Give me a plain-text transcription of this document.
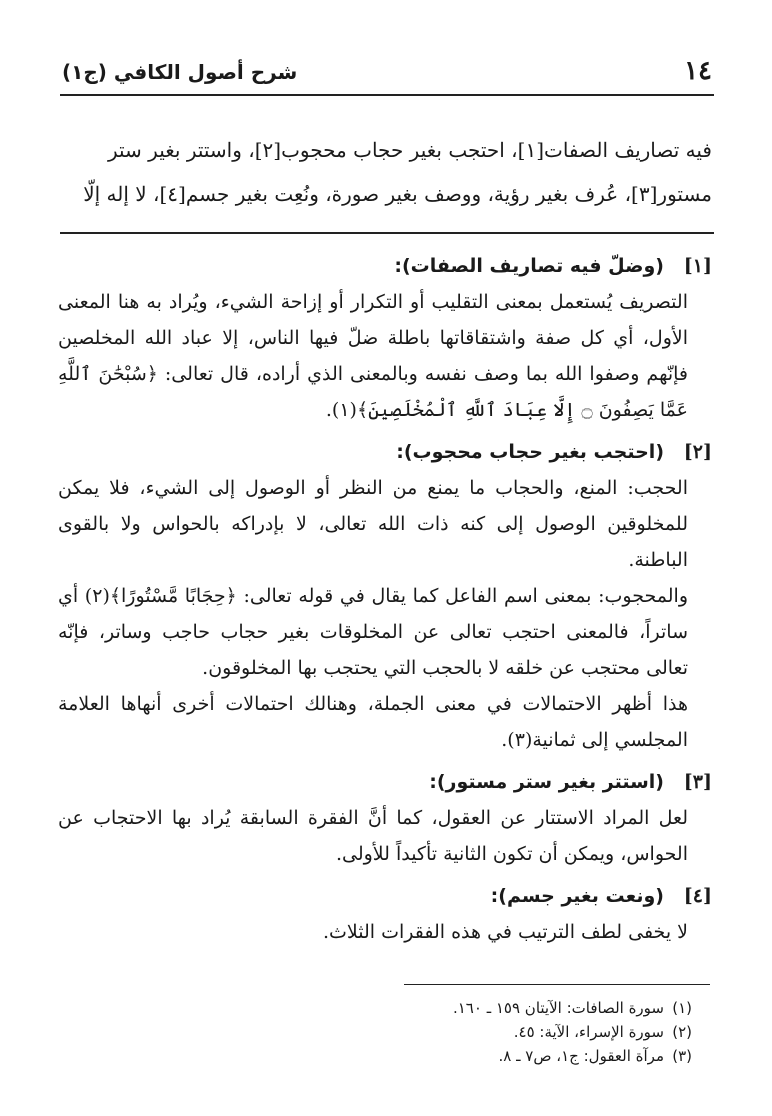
١٤
شرح أصول الكافي (ج١)

فيه تصاريف الصفات[١]، احتجب بغير حجاب محجوب[٢]، واستتر بغير ستر

مستور[٣]، عُرف بغير رؤية، ووصف بغير صورة، ونُعِت بغير جسم[٤]، لا إله إلّا

[١]
(وضلّ فيه تصاريف الصفات):

التصريف يُستعمل بمعنى التقليب أو التكرار أو إزاحة الشيء، ويُراد به هنا المعنى الأول، أي كل صفة واشتقاقاتها باطلة ضلّ فيها الناس، إلا عباد الله المخلصين فإنّهم وصفوا الله بما وصف نفسه وبالمعنى الذي أراده، قال تعالى: ﴿سُبْحَٰنَ ٱللَّهِ عَمَّا يَصِفُونَ ۝ إِلَّا عِبَادَ ٱللَّهِ ٱلْمُخْلَصِينَ﴾(١).

[٢]
(احتجب بغير حجاب محجوب):

الحجب: المنع، والحجاب ما يمنع من النظر أو الوصول إلى الشيء، فلا يمكن للمخلوقين الوصول إلى كنه ذات الله تعالى، لا بإدراكه بالحواس ولا بالقوى الباطنة.

والمحجوب: بمعنى اسم الفاعل كما يقال في قوله تعالى: ﴿حِجَابًا مَّسْتُورًا﴾(٢) أي ساتراً، فالمعنى احتجب تعالى عن المخلوقات بغير حجاب حاجب وساتر، فإنّه تعالى محتجب عن خلقه لا بالحجب التي يحتجب بها المخلوقون.

هذا أظهر الاحتمالات في معنى الجملة، وهنالك احتمالات أخرى أنهاها العلامة المجلسي إلى ثمانية(٣).

[٣]
(استتر بغير ستر مستور):

لعل المراد الاستتار عن العقول، كما أنَّ الفقرة السابقة يُراد بها الاحتجاب عن الحواس، ويمكن أن تكون الثانية تأكيداً للأولى.

[٤]
(ونعت بغير جسم):

لا يخفى لطف الترتيب في هذه الفقرات الثلاث.

(١)
سورة الصافات: الآيتان ١٥٩ ـ ١٦٠.
(٢)
سورة الإسراء، الآية: ٤٥.
(٣)
مرآة العقول: ج١، ص٧ ـ ٨.
